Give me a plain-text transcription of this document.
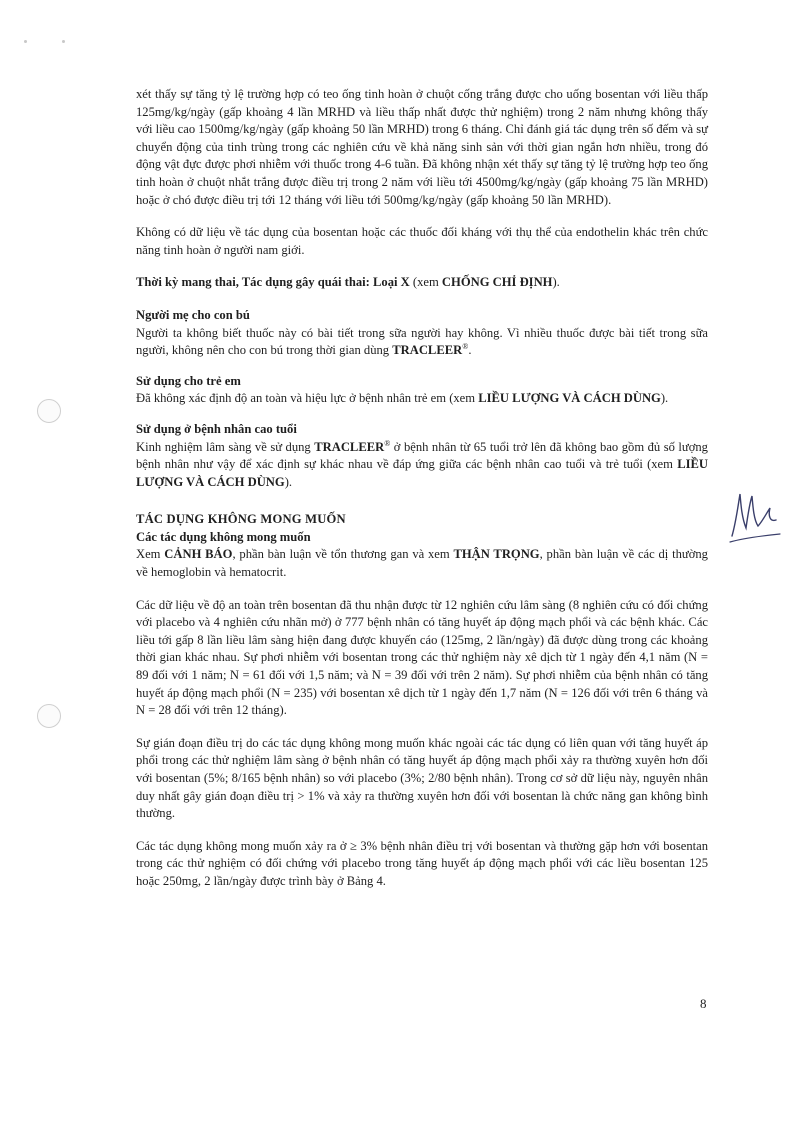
xét thấy sự tăng tỷ lệ trường hợp có teo ống tinh hoàn ở chuột cống trắng được cho uống bosentan với liều thấp 125mg/kg/ngày (gấp khoảng 4 lần MRHD và liều thấp nhất được thử nghiệm) trong 2 năm nhưng không thấy với liều cao 1500mg/kg/ngày (gấp khoảng 50 lần MRHD) trong 6 tháng. Chỉ đánh giá tác dụng trên số đếm và sự chuyển động của tinh trùng trong các nghiên cứu về khả năng sinh sản với thời gian ngắn hơn nhiều, trong đó động vật đực được phơi nhiễm với thuốc trong 4-6 tuần. Đã không nhận xét thấy sự tăng tỷ lệ trường hợp teo ống tinh hoàn ở chuột nhắt trắng được điều trị trong 2 năm với liều tới 4500mg/kg/ngày (gấp khoảng 75 lần MRHD) hoặc ở chó được điều trị tới 12 tháng với liều tới 500mg/kg/ngày (gấp khoảng 50 lần MRHD).

Không có dữ liệu về tác dụng của bosentan hoặc các thuốc đối kháng với thụ thể của endothelin khác trên chức năng tinh hoàn ở người nam giới.

Thời kỳ mang thai, Tác dụng gây quái thai: Loại X (xem CHỐNG CHỈ ĐỊNH).

Người mẹ cho con bú

Người ta không biết thuốc này có bài tiết trong sữa người hay không. Vì nhiều thuốc được bài tiết trong sữa người, không nên cho con bú trong thời gian dùng TRACLEER®.

Sử dụng cho trẻ em

Đã không xác định độ an toàn và hiệu lực ở bệnh nhân trẻ em (xem LIỀU LƯỢNG VÀ CÁCH DÙNG).

Sử dụng ở bệnh nhân cao tuổi

Kinh nghiệm lâm sàng về sử dụng TRACLEER® ở bệnh nhân từ 65 tuổi trở lên đã không bao gồm đủ số lượng bệnh nhân như vậy để xác định sự khác nhau về đáp ứng giữa các bệnh nhân cao tuổi và trẻ tuổi (xem LIỀU LƯỢNG VÀ CÁCH DÙNG).

TÁC DỤNG KHÔNG MONG MUỐN
Các tác dụng không mong muốn

Xem CẢNH BÁO, phần bàn luận về tổn thương gan và xem THẬN TRỌNG, phần bàn luận về các dị thường về hemoglobin và hematocrit.

Các dữ liệu về độ an toàn trên bosentan đã thu nhận được từ 12 nghiên cứu lâm sàng (8 nghiên cứu có đối chứng với placebo và 4 nghiên cứu nhãn mở) ở 777 bệnh nhân có tăng huyết áp động mạch phổi và các bệnh khác. Các liều tới gấp 8 lần liều lâm sàng hiện đang được khuyến cáo (125mg, 2 lần/ngày) đã được dùng trong các khoảng thời gian khác nhau. Sự phơi nhiễm với bosentan trong các thử nghiệm này xê dịch từ 1 ngày đến 4,1 năm (N = 89 đối với 1 năm; N = 61 đối với 1,5 năm; và N = 39 đối với trên 2 năm). Sự phơi nhiễm của bệnh nhân có tăng huyết áp động mạch phổi (N = 235) với bosentan xê dịch từ 1 ngày đến 1,7 năm (N = 126 đối với trên 6 tháng và N = 28 đối với trên 12 tháng).

Sự gián đoạn điều trị do các tác dụng không mong muốn khác ngoài các tác dụng có liên quan với tăng huyết áp phổi trong các thử nghiệm lâm sàng ở bệnh nhân có tăng huyết áp động mạch phổi xảy ra thường xuyên hơn đối với bosentan (5%; 8/165 bệnh nhân) so với placebo (3%; 2/80 bệnh nhân). Trong cơ sở dữ liệu này, nguyên nhân duy nhất gây gián đoạn điều trị > 1% và xảy ra thường xuyên hơn đối với bosentan là chức năng gan không bình thường.

Các tác dụng không mong muốn xảy ra ở ≥ 3% bệnh nhân điều trị với bosentan và thường gặp hơn với bosentan trong các thử nghiệm có đối chứng với placebo trong tăng huyết áp động mạch phổi với các liều bosentan 125 hoặc 250mg, 2 lần/ngày được trình bày ở Bảng 4.

8
